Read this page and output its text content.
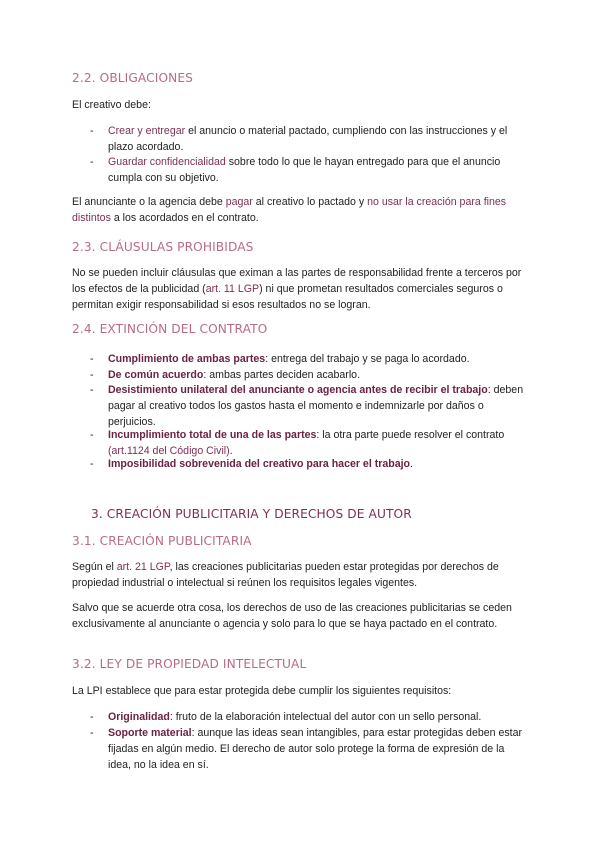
2.2. OBLIGACIONES
El creativo debe:
- Crear y entregar el anuncio o material pactado, cumpliendo con las instrucciones y el plazo acordado.
- Guardar confidencialidad sobre todo lo que le hayan entregado para que el anuncio cumpla con su objetivo.
El anunciante o la agencia debe pagar al creativo lo pactado y no usar la creación para fines distintos a los acordados en el contrato.
2.3. CLÁUSULAS PROHIBIDAS
No se pueden incluir cláusulas que eximan a las partes de responsabilidad frente a terceros por los efectos de la publicidad (art. 11 LGP) ni que prometan resultados comerciales seguros o permitan exigir responsabilidad si esos resultados no se logran.
2.4. EXTINCIÓN DEL CONTRATO
- Cumplimiento de ambas partes: entrega del trabajo y se paga lo acordado.
- De común acuerdo: ambas partes deciden acabarlo.
- Desistimiento unilateral del anunciante o agencia antes de recibir el trabajo: deben pagar al creativo todos los gastos hasta el momento e indemnizarle por daños o perjuicios.
- Incumplimiento total de una de las partes: la otra parte puede resolver el contrato (art.1124 del Código Civil).
- Imposibilidad sobrevenida del creativo para hacer el trabajo.
3. CREACIÓN PUBLICITARIA Y DERECHOS DE AUTOR
3.1. CREACIÓN PUBLICITARIA
Según el art. 21 LGP, las creaciones publicitarias pueden estar protegidas por derechos de propiedad industrial o intelectual si reúnen los requisitos legales vigentes.
Salvo que se acuerde otra cosa, los derechos de uso de las creaciones publicitarias se ceden exclusivamente al anunciante o agencia y solo para lo que se haya pactado en el contrato.
3.2. LEY DE PROPIEDAD INTELECTUAL
La LPI establece que para estar protegida debe cumplir los siguientes requisitos:
- Originalidad: fruto de la elaboración intelectual del autor con un sello personal.
- Soporte material: aunque las ideas sean intangibles, para estar protegidas deben estar fijadas en algún medio. El derecho de autor solo protege la forma de expresión de la idea, no la idea en sí.
